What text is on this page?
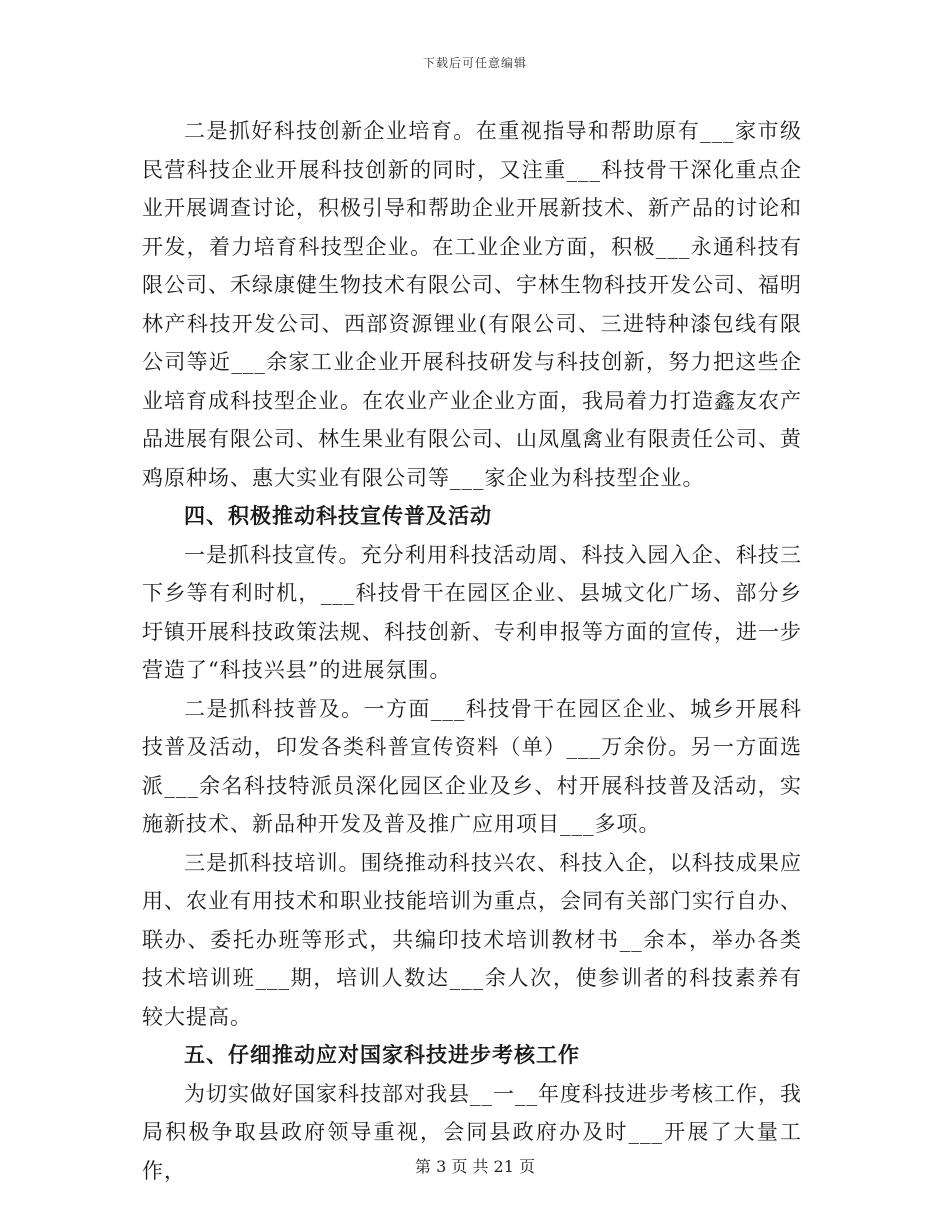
下载后可任意编辑

二是抓好科技创新企业培育。在重视指导和帮助原有___家市级民营科技企业开展科技创新的同时，又注重___科技骨干深化重点企业开展调查讨论，积极引导和帮助企业开展新技术、新产品的讨论和开发，着力培育科技型企业。在工业企业方面，积极___永通科技有限公司、禾绿康健生物技术有限公司、宇林生物科技开发公司、福明林产科技开发公司、西部资源锂业(有限公司、三进特种漆包线有限公司等近___余家工业企业开展科技研发与科技创新，努力把这些企业培育成科技型企业。在农业产业企业方面，我局着力打造鑫友农产品进展有限公司、林生果业有限公司、山凤凰禽业有限责任公司、黄鸡原种场、惠大实业有限公司等___家企业为科技型企业。

四、积极推动科技宣传普及活动

一是抓科技宣传。充分利用科技活动周、科技入园入企、科技三下乡等有利时机，___科技骨干在园区企业、县城文化广场、部分乡圩镇开展科技政策法规、科技创新、专利申报等方面的宣传，进一步营造了“科技兴县”的进展氛围。

二是抓科技普及。一方面___科技骨干在园区企业、城乡开展科技普及活动，印发各类科普宣传资料（单）___万余份。另一方面选派___余名科技特派员深化园区企业及乡、村开展科技普及活动，实施新技术、新品种开发及普及推广应用项目___多项。

三是抓科技培训。围绕推动科技兴农、科技入企，以科技成果应用、农业有用技术和职业技能培训为重点，会同有关部门实行自办、联办、委托办班等形式，共编印技术培训教材书__余本，举办各类技术培训班___期，培训人数达___余人次，使参训者的科技素养有较大提高。

五、仔细推动应对国家科技进步考核工作

为切实做好国家科技部对我县__一__年度科技进步考核工作，我局积极争取县政府领导重视，会同县政府办及时___开展了大量工作，	第 3 页 共 21 页
